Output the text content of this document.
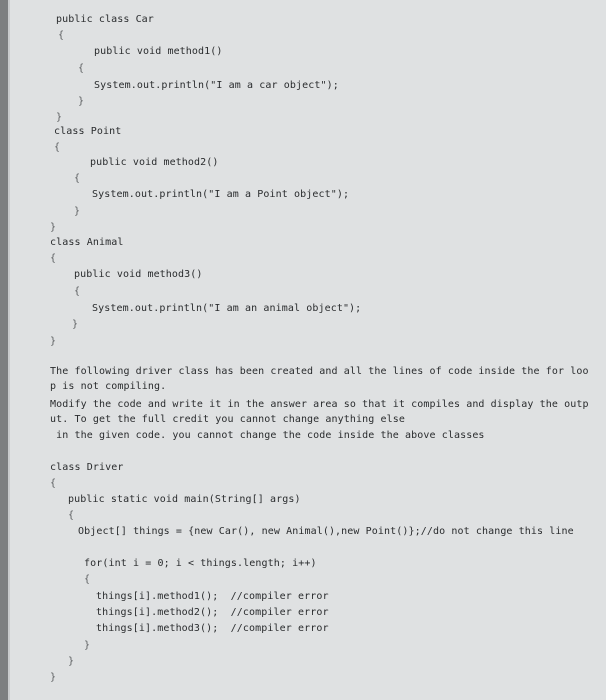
public class Car
{
public void method1()
{
System.out.println("I am a car object");
}
}
class Point
{
public void method2()
{
System.out.println("I am a Point object");
}
}
class Animal
{
public void method3()
{
System.out.println("I am an animal object");
}
}
The following driver class has been created and all the lines of code inside the for loo
p is not compiling.
Modify the code and write it in the answer area so that it compiles and display the outp
ut. To get the full credit you cannot change anything else
in the given code. you cannot change the code inside the above classes
class Driver
{
public static void main(String[] args)
{
Object[] things = {new Car(), new Animal(),new Point()};//do not change this line
for(int i = 0; i < things.length; i++)
{
things[i].method1();  //compiler error
things[i].method2();  //compiler error
things[i].method3();  //compiler error
}
}
}
